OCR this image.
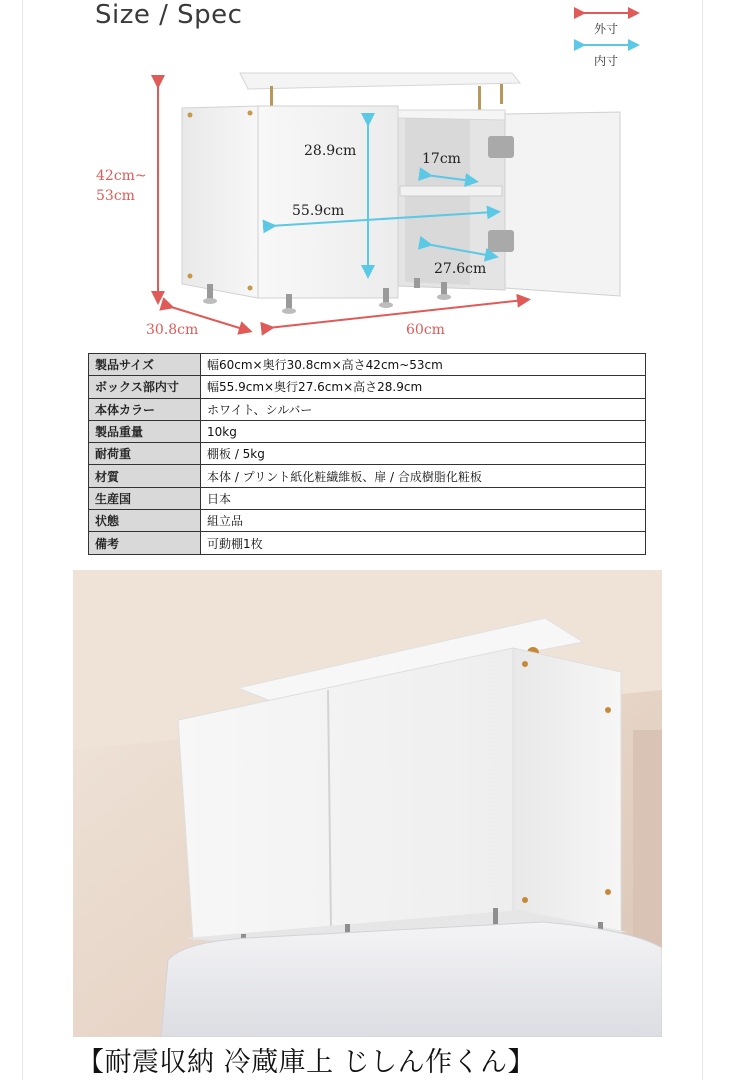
Size / Spec	外寸
内寸
42cm~
53cm
30.8cm	60cm
28.9cm
55.9cm
17cm
27.6cm
製品サイズ	幅60cm×奥行30.8cm×高さ42cm~53cm
ボックス部内寸	幅55.9cm×奥行27.6cm×高さ28.9cm
本体カラー	ホワイト、シルバー
製品重量	10kg
耐荷重	棚板 / 5kg
材質	本体 / プリント紙化粧繊維板、扉 / 合成樹脂化粧板
生産国	日本
状態	組立品
備考	可動棚1枚
【耐震収納 冷蔵庫上 じしん作くん】
